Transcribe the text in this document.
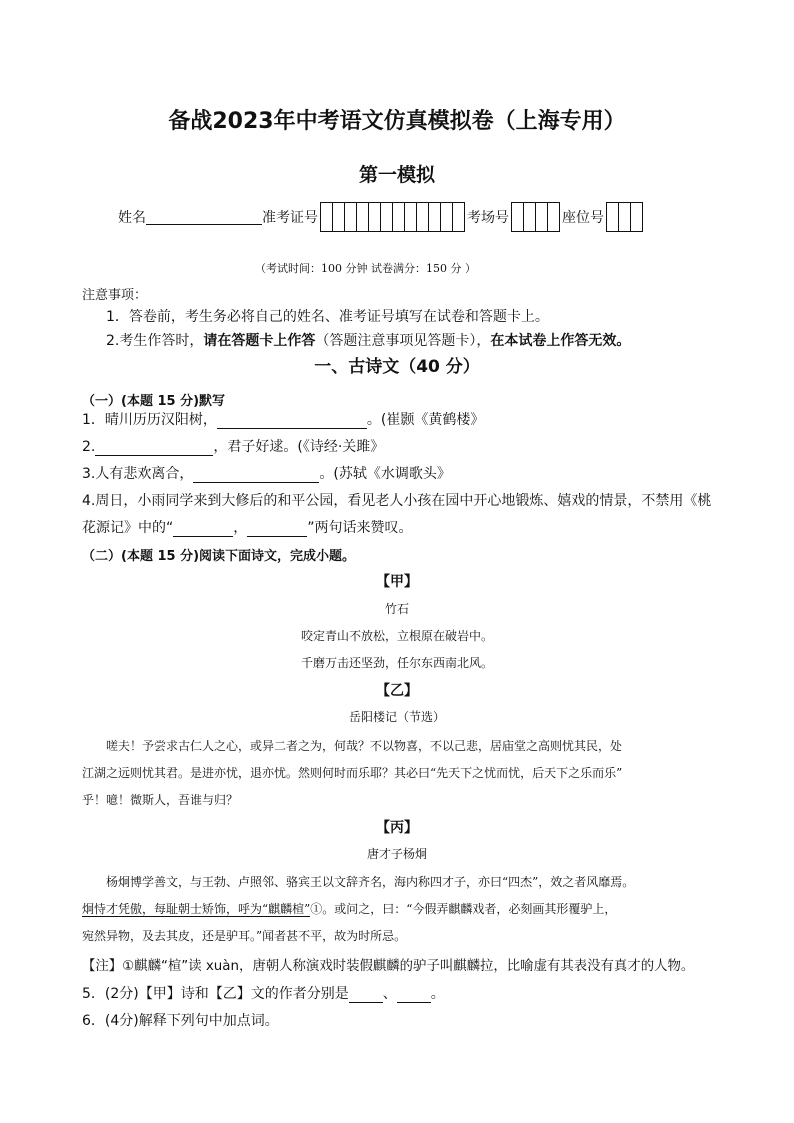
备战2023年中考语文仿真模拟卷（上海专用）
第一模拟
姓名	准考证号	考场号	座位号
（考试时间：100 分钟 试卷满分：150 分 ）
注意事项：
1．答卷前，考生务必将自己的姓名、准考证号填写在试卷和答题卡上。
2.考生作答时，请在答题卡上作答（答题注意事项见答题卡），在本试卷上作答无效。
一、古诗文（40 分）
（一）(本题 15 分)默写
1．晴川历历汉阳树，	。(崔颢《黄鹤楼》
2.	，君子好逑。(《诗经·关雎》
3.人有悲欢离合，	。(苏轼《水调歌头》
4.周日，小雨同学来到大修后的和平公园，看见老人小孩在园中开心地锻炼、嬉戏的情景，不禁用《桃
花源记》中的“	，	”两句话来赞叹。
（二）(本题 15 分)阅读下面诗文，完成小题。
【甲】
竹石
咬定青山不放松，立根原在破岩中。
千磨万击还坚劲，任尔东西南北风。
【乙】
岳阳楼记（节选）
嗟夫！予尝求古仁人之心，或异二者之为，何哉？不以物喜，不以己悲，居庙堂之高则忧其民，处
江湖之远则忧其君。是进亦忧，退亦忧。然则何时而乐耶？其必曰“先天下之忧而忧，后天下之乐而乐”
乎！噫！微斯人，吾谁与归？
【丙】
唐才子杨炯
杨炯博学善文，与王勃、卢照邻、骆宾王以文辞齐名，海内称四才子，亦曰“四杰”，效之者风靡焉。
炯恃才凭傲，每耻朝士矫饰，呼为“麒麟楦”①。或问之，曰：“今假弄麒麟戏者，必刻画其形覆驴上，
宛然异物，及去其皮，还是驴耳。”闻者甚不平，故为时所忌。
【注】①麒麟“楦”读 xuàn，唐朝人称演戏时装假麒麟的驴子叫麒麟拉，比喻虚有其表没有真才的人物。
5．(2分)【甲】诗和【乙】文的作者分别是 、 。
6．(4分)解释下列句中加点词。
